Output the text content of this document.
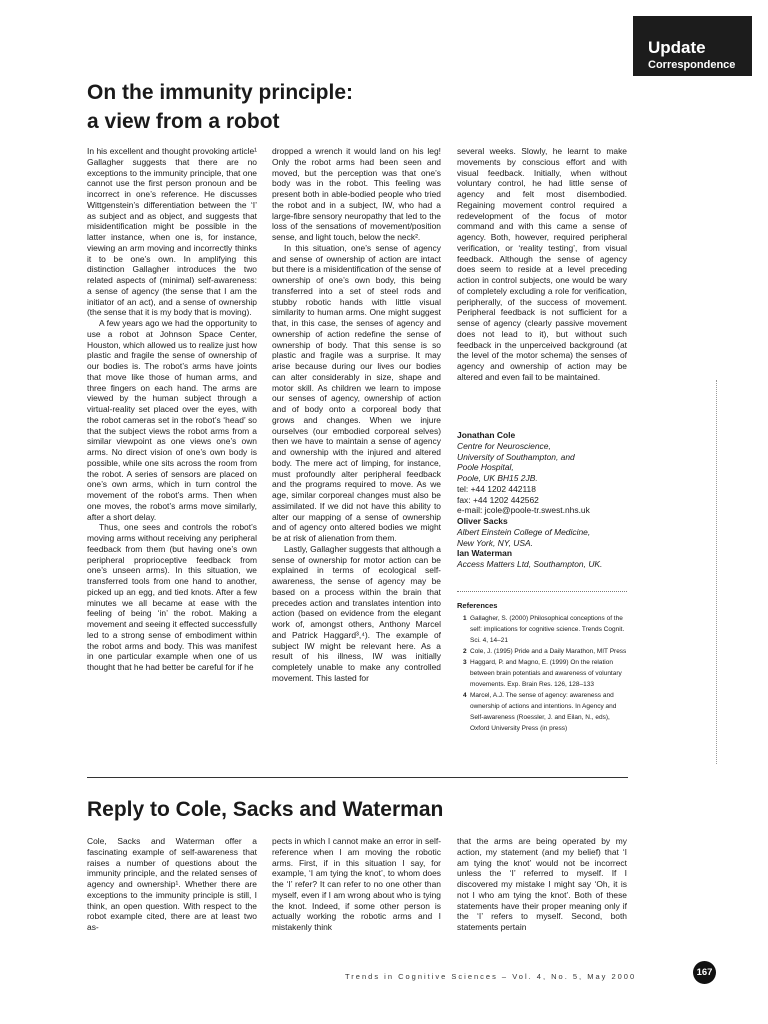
Update
Correspondence
On the immunity principle:
a view from a robot

In his excellent and thought provoking article¹ Gallagher suggests that there are no exceptions to the immunity principle, that one cannot use the first person pronoun and be incorrect in one’s reference. He discusses Wittgenstein’s differentiation between the ‘I’ as subject and as object, and suggests that misidentification might be possible in the latter instance, when one is, for instance, viewing an arm moving and incorrectly thinks it to be one’s own. In amplifying this distinction Gallagher introduces the two related aspects of (minimal) self-awareness: a sense of agency (the sense that I am the initiator of an act), and a sense of ownership (the sense that it is my body that is moving).

A few years ago we had the opportunity to use a robot at Johnson Space Center, Houston, which allowed us to realize just how plastic and fragile the sense of ownership of our bodies is. The robot’s arms have joints that move like those of human arms, and three fingers on each hand. The arms are viewed by the human subject through a virtual-reality set placed over the eyes, with the robot cameras set in the robot’s ‘head’ so that the subject views the robot arms from a similar viewpoint as one views one’s own arms. No direct vision of one’s own body is possible, while one sits across the room from the robot. A series of sensors are placed on one’s own arms, which in turn control the movement of the robot’s arms. Then when one moves, the robot’s arms move similarly, after a short delay.

Thus, one sees and controls the robot’s moving arms without receiving any peripheral feedback from them (but having one’s own peripheral proprioceptive feedback from one’s unseen arms). In this situation, we transferred tools from one hand to another, picked up an egg, and tied knots. After a few minutes we all became at ease with the feeling of being ‘in’ the robot. Making a movement and seeing it effected successfully led to a strong sense of embodiment within the robot arms and body. This was manifest in one particular example when one of us thought that he had better be careful for if he

dropped a wrench it would land on his leg! Only the robot arms had been seen and moved, but the perception was that one’s body was in the robot. This feeling was present both in able-bodied people who tried the robot and in a subject, IW, who had a large-fibre sensory neuropathy that led to the loss of the sensations of movement/position sense, and light touch, below the neck².

In this situation, one’s sense of agency and sense of ownership of action are intact but there is a misidentification of the sense of ownership of one’s own body, this being transferred into a set of steel rods and stubby robotic hands with little visual similarity to human arms. One might suggest that, in this case, the senses of agency and ownership of action redefine the sense of ownership of body. That this sense is so plastic and fragile was a surprise. It may arise because during our lives our bodies can alter considerably in size, shape and motor skill. As children we learn to impose our senses of agency, ownership of action and of body onto a corporeal body that grows and changes. When we injure ourselves (our embodied corporeal selves) then we have to maintain a sense of agency and ownership with the injured and altered body. The mere act of limping, for instance, must profoundly alter peripheral feedback and the programs required to move. As we age, similar corporeal changes must also be assimilated. If we did not have this ability to alter our mapping of a sense of ownership and of agency onto altered bodies we might be at risk of alienation from them.

Lastly, Gallagher suggests that although a sense of ownership for motor action can be explained in terms of ecological self-awareness, the sense of agency may be based on a process within the brain that precedes action and translates intention into action (based on evidence from the elegant work of, amongst others, Anthony Marcel and Patrick Haggard³,⁴). The example of subject IW might be relevant here. As a result of his illness, IW was initially completely unable to make any controlled movement. This lasted for

several weeks. Slowly, he learnt to make movements by conscious effort and with visual feedback. Initially, when without voluntary control, he had little sense of agency and felt most disembodied. Regaining movement control required a redevelopment of the focus of motor command and with this came a sense of agency. Both, however, required peripheral verification, or ‘reality testing’, from visual feedback. Although the sense of agency does seem to reside at a level preceding action in control subjects, one would be wary of completely excluding a role for verification, peripherally, of the success of movement. Peripheral feedback is not sufficient for a sense of agency (clearly passive movement does not lead to it), but without such feedback in the unperceived background (at the level of the motor schema) the senses of agency and ownership of action may be altered and even fail to be maintained.

Jonathan Cole
Centre for Neuroscience,
University of Southampton, and
Poole Hospital,
Poole, UK BH15 2JB.
tel: +44 1202 442118
fax: +44 1202 442562
e-mail: jcole@poole-tr.swest.nhs.uk
Oliver Sacks
Albert Einstein College of Medicine,
New York, NY, USA.
Ian Waterman
Access Matters Ltd, Southampton, UK.
References
1 Gallagher, S. (2000) Philosophical conceptions of the self: implications for cognitive science. Trends Cognit. Sci. 4, 14–21
2 Cole, J. (1995) Pride and a Daily Marathon, MIT Press
3 Haggard, P. and Magno, E. (1999) On the relation between brain potentials and awareness of voluntary movements. Exp. Brain Res. 126, 128–133
4 Marcel, A.J. The sense of agency: awareness and ownership of actions and intentions. In Agency and Self-awareness (Roessler, J. and Eilan, N., eds), Oxford University Press (in press)
Reply to Cole, Sacks and Waterman

Cole, Sacks and Waterman offer a fascinating example of self-awareness that raises a number of questions about the immunity principle, and the related senses of agency and ownership¹. Whether there are exceptions to the immunity principle is still, I think, an open question. With respect to the robot example cited, there are at least two as-

pects in which I cannot make an error in self-reference when I am moving the robotic arms. First, if in this situation I say, for example, ‘I am tying the knot’, to whom does the ‘I’ refer? It can refer to no one other than myself, even if I am wrong about who is tying the knot. Indeed, if some other person is actually working the robotic arms and I mistakenly think

that the arms are being operated by my action, my statement (and my belief) that ‘I am tying the knot’ would not be incorrect unless the ‘I’ referred to myself. If I discovered my mistake I might say ‘Oh, it is not I who am tying the knot’. Both of these statements have their proper meaning only if the ‘I’ refers to myself. Second, both statements pertain

Trends in Cognitive Sciences – Vol. 4, No. 5, May 2000	167
